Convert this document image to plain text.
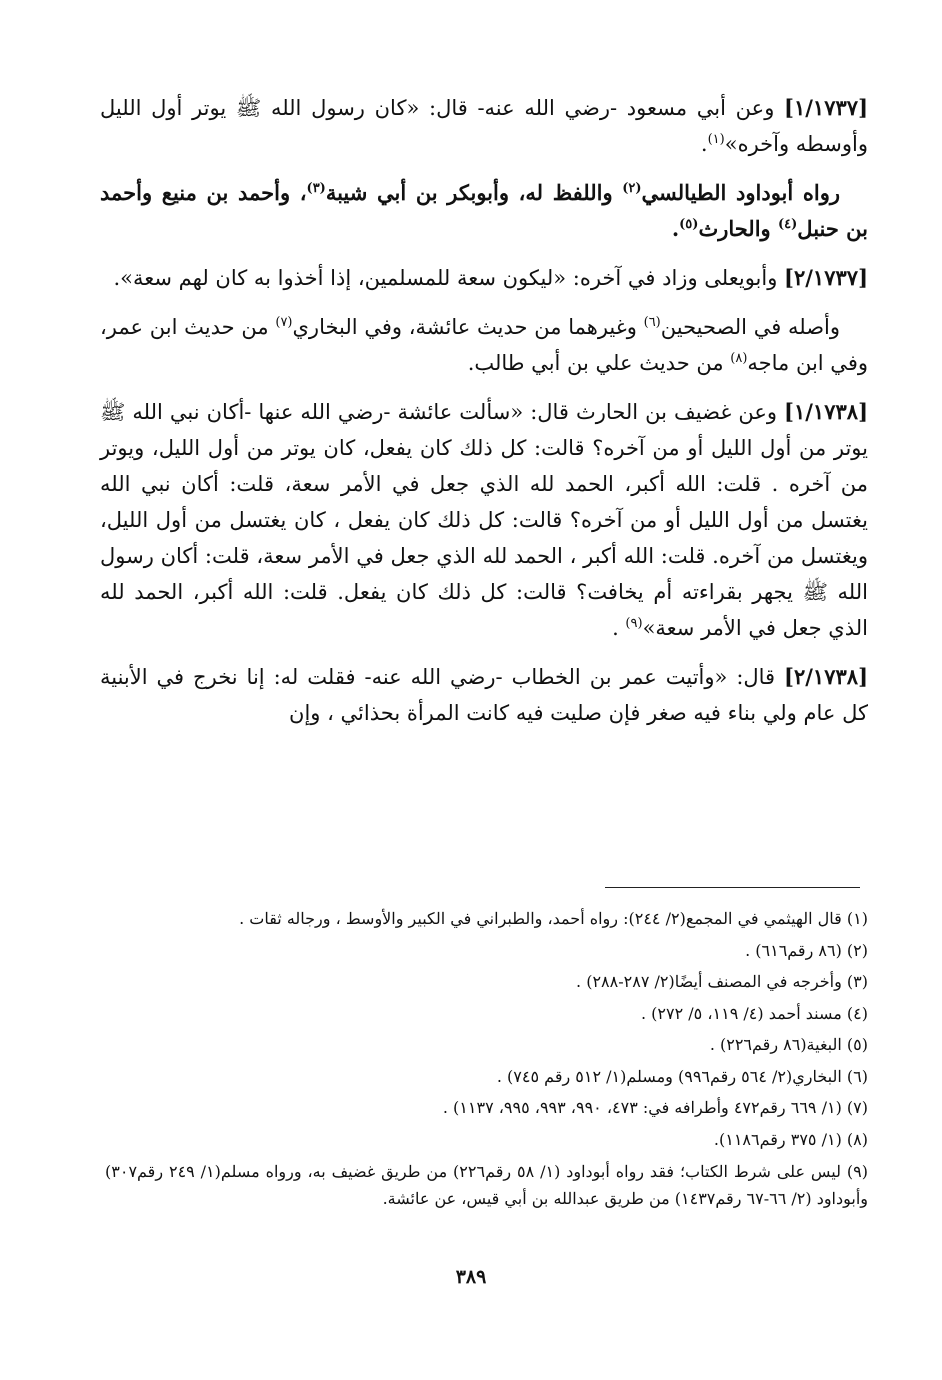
[١/١٧٣٧] وعن أبي مسعود -رضي الله عنه- قال: «كان رسول الله ﷺ يوتر أول الليل وأوسطه وآخره»$^{(١)}$.

رواه أبوداود الطيالسي$^{(٢)}$ واللفظ له، وأبوبكر بن أبي شيبة$^{(٣)}$، وأحمد بن منيع وأحمد بن حنبل$^{(٤)}$ والحارث$^{(٥)}$.

[٢/١٧٣٧] وأبويعلى وزاد في آخره: «ليكون سعة للمسلمين، إذا أخذوا به كان لهم سعة».

وأصله في الصحيحين$^{(٦)}$ وغيرهما من حديث عائشة، وفي البخاري$^{(٧)}$ من حديث ابن عمر، وفي ابن ماجه$^{(٨)}$ من حديث علي بن أبي طالب.

[١/١٧٣٨] وعن غضيف بن الحارث قال: «سألت عائشة -رضي الله عنها -أكان نبي الله ﷺ يوتر من أول الليل أو من آخره؟ قالت: كل ذلك كان يفعل، كان يوتر من أول الليل، ويوتر من آخره . قلت: الله أكبر، الحمد لله الذي جعل في الأمر سعة، قلت: أكان نبي الله يغتسل من أول الليل أو من آخره؟ قالت: كل ذلك كان يفعل ، كان يغتسل من أول الليل، ويغتسل من آخره. قلت: الله أكبر ، الحمد لله الذي جعل في الأمر سعة، قلت: أكان رسول الله ﷺ يجهر بقراءته أم يخافت؟ قالت: كل ذلك كان يفعل. قلت: الله أكبر، الحمد لله الذي جعل في الأمر سعة»$^{(٩)}$ .

[٢/١٧٣٨] قال: «وأتيت عمر بن الخطاب -رضي الله عنه- فقلت له: إنا نخرج في الأبنية كل عام ولي بناء فيه صغر فإن صليت فيه كانت المرأة بحذائي ، وإن

(١) قال الهيثمي في المجمع(٢/ ٢٤٤): رواه أحمد، والطبراني في الكبير والأوسط ، ورجاله ثقات .

(٢) (٨٦ رقم٦١٦) .

(٣) وأخرجه في المصنف أيضًا(٢/ ٢٨٧-٢٨٨) .

(٤) مسند أحمد (٤/ ١١٩، ٥/ ٢٧٢) .

(٥) البغية(٨٦ رقم٢٢٦) .

(٦) البخاري(٢/ ٥٦٤ رقم٩٩٦) ومسلم(١/ ٥١٢ رقم ٧٤٥) .

(٧) (١/ ٦٦٩ رقم٤٧٢ وأطرافه في: ٤٧٣، ٩٩٠، ٩٩٣، ٩٩٥، ١١٣٧) .

(٨) (١/ ٣٧٥ رقم١١٨٦).

(٩) ليس على شرط الكتاب؛ فقد رواه أبوداود (١/ ٥٨ رقم٢٢٦) من طريق غضيف به، ورواه مسلم(١/ ٢٤٩ رقم٣٠٧) وأبوداود (٢/ ٦٦-٦٧ رقم١٤٣٧) من طريق عبدالله بن أبي قيس، عن عائشة.

٣٨٩
